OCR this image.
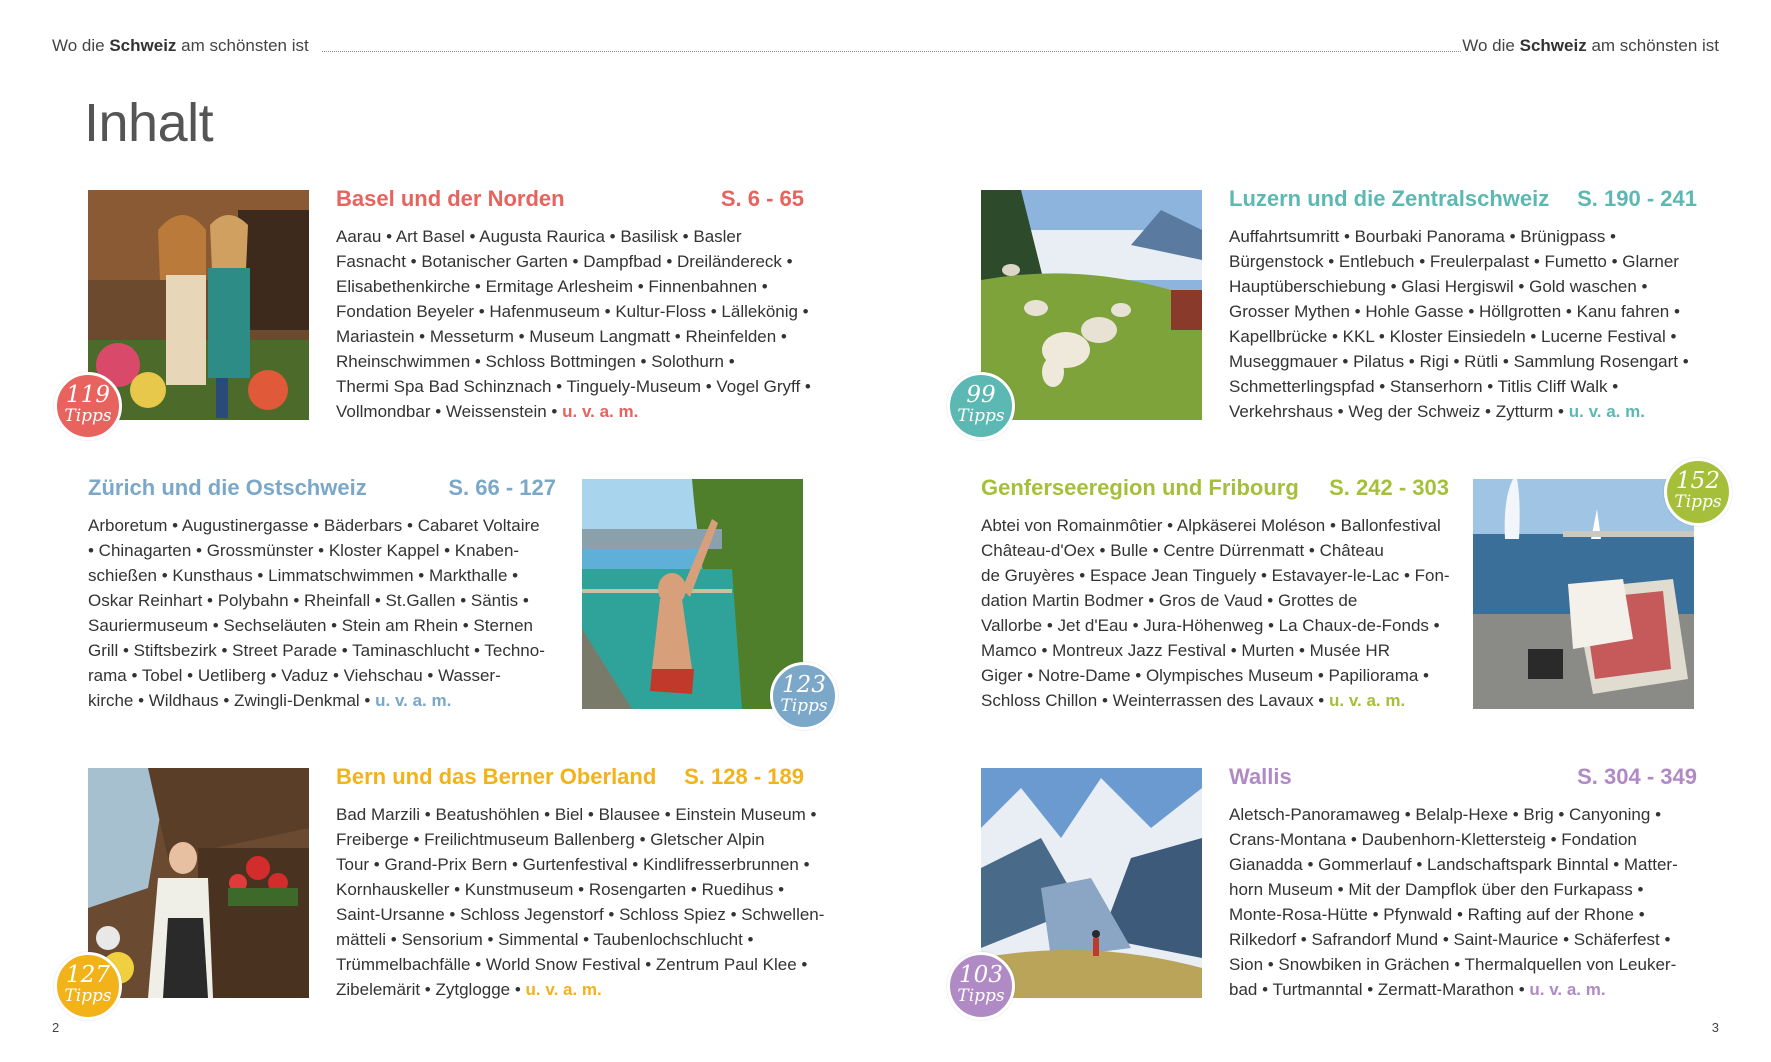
Wo die Schweiz am schönsten ist	Wo die Schweiz am schönsten ist
Inhalt
119
Tipps
Basel und der Norden	S. 6 - 65
Aarau • Art Basel • Augusta Raurica • Basilisk • Basler
Fasnacht • Botanischer Garten • Dampfbad • Dreiländereck •
Elisabethenkirche • Ermitage Arlesheim • Finnenbahnen •
Fondation Beyeler • Hafenmuseum • Kultur-Floss • Lällekönig •
Mariastein • Messeturm • Museum Langmatt • Rheinfelden •
Rheinschwimmen • Schloss Bottmingen • Solothurn •
Thermi Spa Bad Schinznach • Tinguely-Museum • Vogel Gryff •
Vollmondbar • Weissenstein • u. v. a. m.
99
Tipps
Luzern und die Zentralschweiz S. 190 - 241
Auffahrtsumritt • Bourbaki Panorama • Brünigpass •
Bürgenstock • Entlebuch • Freulerpalast • Fumetto • Glarner
Hauptüberschiebung • Glasi Hergiswil • Gold waschen •
Grosser Mythen • Hohle Gasse • Höllgrotten • Kanu fahren •
Kapellbrücke • KKL • Kloster Einsiedeln • Lucerne Festival •
Museggmauer • Pilatus • Rigi • Rütli • Sammlung Rosengart •
Schmetterlingspfad • Stanserhorn • Titlis Cliff Walk •
Verkehrshaus • Weg der Schweiz • Zytturm • u. v. a. m.
Zürich und die Ostschweiz	S. 66 - 127
Arboretum • Augustinergasse • Bäderbars • Cabaret Voltaire
• Chinagarten • Grossmünster • Kloster Kappel • Knaben-
schießen • Kunsthaus • Limmatschwimmen • Markthalle •
Oskar Reinhart • Polybahn • Rheinfall • St.Gallen • Säntis •
Sauriermuseum • Sechseläuten • Stein am Rhein • Sternen
Grill • Stiftsbezirk • Street Parade • Taminaschlucht • Techno-
rama • Tobel • Uetliberg • Vaduz • Viehschau • Wasser-
kirche • Wildhaus • Zwingli-Denkmal • u. v. a. m.
123
Tipps
Genferseeregion und Fribourg S. 242 - 303
Abtei von Romainmôtier • Alpkäserei Moléson • Ballonfestival
Château-d'Oex • Bulle • Centre Dürrenmatt • Château
de Gruyères • Espace Jean Tinguely • Estavayer-le-Lac • Fon-
dation Martin Bodmer • Gros de Vaud • Grottes de
Vallorbe • Jet d'Eau • Jura-Höhenweg • La Chaux-de-Fonds •
Mamco • Montreux Jazz Festival • Murten • Musée HR
Giger • Notre-Dame • Olympisches Museum • Papiliorama •
Schloss Chillon • Weinterrassen des Lavaux • u. v. a. m.
152
Tipps
127
Tipps
Bern und das Berner Oberland S. 128 - 189
Bad Marzili • Beatushöhlen • Biel • Blausee • Einstein Museum •
Freiberge • Freilichtmuseum Ballenberg • Gletscher Alpin
Tour • Grand-Prix Bern • Gurtenfestival • Kindlifresserbrunnen •
Kornhauskeller • Kunstmuseum • Rosengarten • Ruedihus •
Saint-Ursanne • Schloss Jegenstorf • Schloss Spiez • Schwellen-
mätteli • Sensorium • Simmental • Taubenlochschlucht •
Trümmelbachfälle • World Snow Festival • Zentrum Paul Klee •
Zibelemärit • Zytglogge • u. v. a. m.
103
Tipps
Wallis	S. 304 - 349
Aletsch-Panoramaweg • Belalp-Hexe • Brig • Canyoning •
Crans-Montana • Daubenhorn-Klettersteig • Fondation
Gianadda • Gommerlauf • Landschaftspark Binntal • Matter-
horn Museum • Mit der Dampflok über den Furkapass •
Monte-Rosa-Hütte • Pfynwald • Rafting auf der Rhone •
Rilkedorf • Safrandorf Mund • Saint-Maurice • Schäferfest •
Sion • Snowbiken in Grächen • Thermalquellen von Leuker-
bad • Turtmanntal • Zermatt-Marathon • u. v. a. m.
2	3
